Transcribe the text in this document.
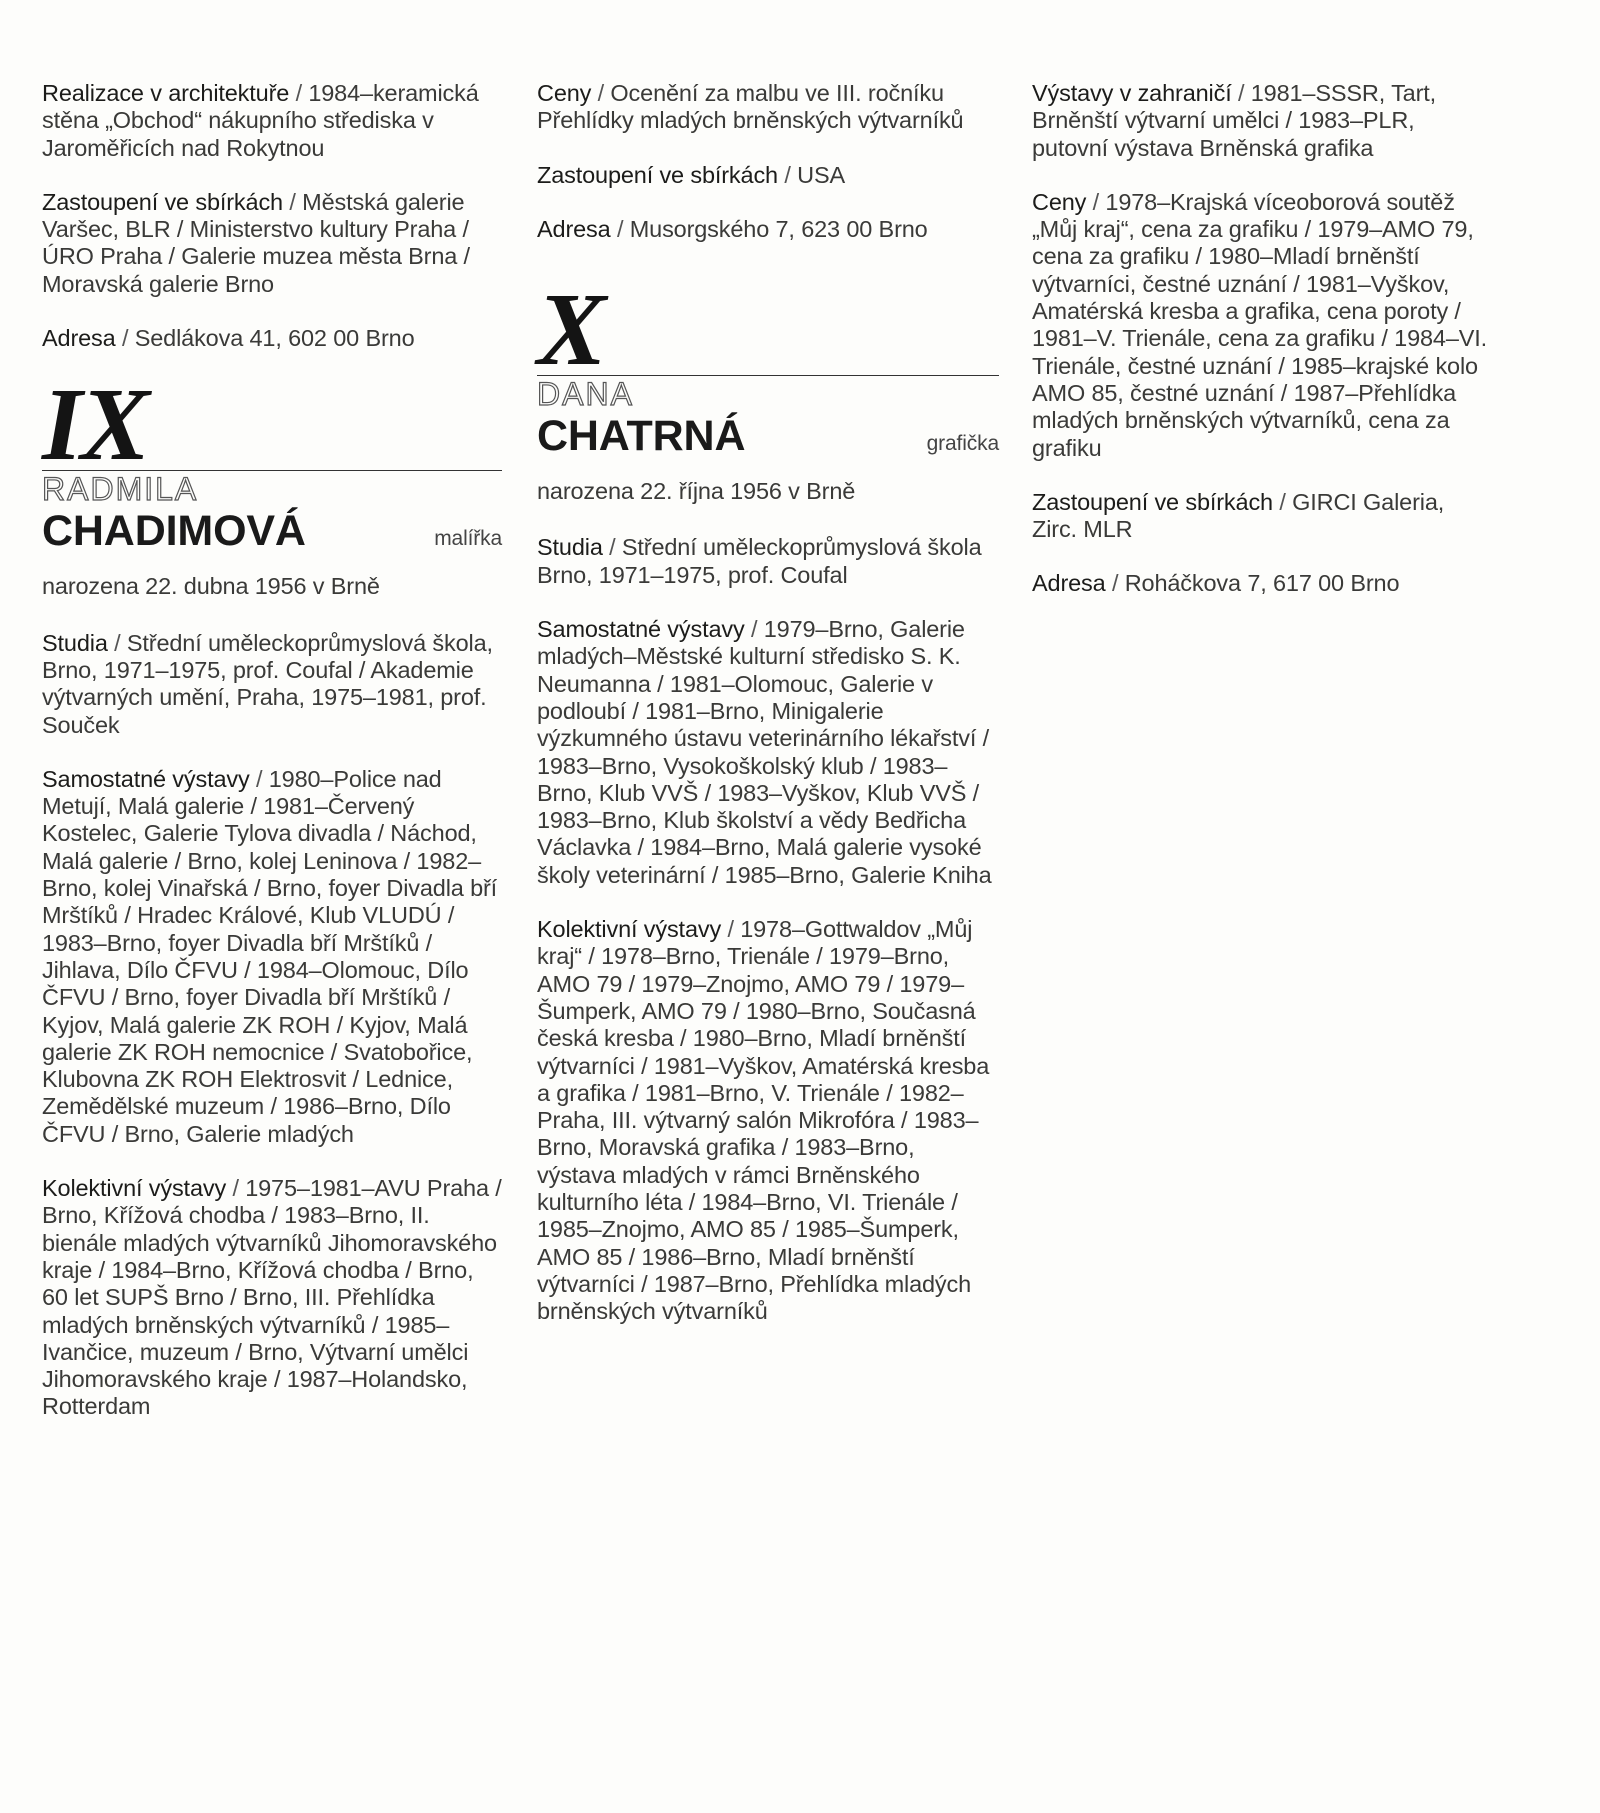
Realizace v architektuře / 1984–keramická stěna „Obchod“ nákupního střediska v Jaroměřicích nad Rokytnou
Zastoupení ve sbírkách / Městská galerie Varšec, BLR / Ministerstvo kultury Praha / ÚRO Praha / Galerie muzea města Brna / Moravská galerie Brno
Adresa / Sedlákova 41, 602 00 Brno
IX
RADMILA
CHADIMOVÁ	malířka
narozena 22. dubna 1956 v Brně
Studia / Střední uměleckoprůmyslová škola, Brno, 1971–1975, prof. Coufal / Akademie výtvarných umění, Praha, 1975–1981, prof. Souček
Samostatné výstavy / 1980–Police nad Metují, Malá galerie / 1981–Červený Kostelec, Galerie Tylova divadla / Náchod, Malá galerie / Brno, kolej Leninova / 1982–Brno, kolej Vinařská / Brno, foyer Divadla bří Mrštíků / Hradec Králové, Klub VLUDÚ / 1983–Brno, foyer Divadla bří Mrštíků / Jihlava, Dílo ČFVU / 1984–Olomouc, Dílo ČFVU / Brno, foyer Divadla bří Mrštíků / Kyjov, Malá galerie ZK ROH / Kyjov, Malá galerie ZK ROH nemocnice / Svatobořice, Klubovna ZK ROH Elektrosvit / Lednice, Zemědělské muzeum / 1986–Brno, Dílo ČFVU / Brno, Galerie mladých
Kolektivní výstavy / 1975–1981–AVU Praha / Brno, Křížová chodba / 1983–Brno, II. bienále mladých výtvarníků Jihomoravského kraje / 1984–Brno, Křížová chodba / Brno, 60 let SUPŠ Brno / Brno, III. Přehlídka mladých brněnských výtvarníků / 1985–Ivančice, muzeum / Brno, Výtvarní umělci Jihomoravského kraje / 1987–Holandsko, Rotterdam
Ceny / Ocenění za malbu ve III. ročníku Přehlídky mladých brněnských výtvarníků
Zastoupení ve sbírkách / USA
Adresa / Musorgského 7, 623 00 Brno
X
DANA
CHATRNÁ	grafička
narozena 22. října 1956 v Brně
Studia / Střední uměleckoprůmyslová škola Brno, 1971–1975, prof. Coufal
Samostatné výstavy / 1979–Brno, Galerie mladých–Městské kulturní středisko S. K. Neumanna / 1981–Olomouc, Galerie v podloubí / 1981–Brno, Minigalerie výzkumného ústavu veterinárního lékařství / 1983–Brno, Vysokoškolský klub / 1983–Brno, Klub VVŠ / 1983–Vyškov, Klub VVŠ / 1983–Brno, Klub školství a vědy Bedřicha Václavka / 1984–Brno, Malá galerie vysoké školy veterinární / 1985–Brno, Galerie Kniha
Kolektivní výstavy / 1978–Gottwaldov „Můj kraj“ / 1978–Brno, Trienále / 1979–Brno, AMO 79 / 1979–Znojmo, AMO 79 / 1979–Šumperk, AMO 79 / 1980–Brno, Současná česká kresba / 1980–Brno, Mladí brněnští výtvarníci / 1981–Vyškov, Amatérská kresba a grafika / 1981–Brno, V. Trienále / 1982–Praha, III. výtvarný salón Mikrofóra / 1983–Brno, Moravská grafika / 1983–Brno, výstava mladých v rámci Brněnského kulturního léta / 1984–Brno, VI. Trienále / 1985–Znojmo, AMO 85 / 1985–Šumperk, AMO 85 / 1986–Brno, Mladí brněnští výtvarníci / 1987–Brno, Přehlídka mladých brněnských výtvarníků
Výstavy v zahraničí / 1981–SSSR, Tart, Brněnští výtvarní umělci / 1983–PLR, putovní výstava Brněnská grafika
Ceny / 1978–Krajská víceoborová soutěž „Můj kraj“, cena za grafiku / 1979–AMO 79, cena za grafiku / 1980–Mladí brněnští výtvarníci, čestné uznání / 1981–Vyškov, Amatérská kresba a grafika, cena poroty / 1981–V. Trienále, cena za grafiku / 1984–VI. Trienále, čestné uznání / 1985–krajské kolo AMO 85, čestné uznání / 1987–Přehlídka mladých brněnských výtvarníků, cena za grafiku
Zastoupení ve sbírkách / GIRCI Galeria, Zirc. MLR
Adresa / Roháčkova 7, 617 00 Brno
